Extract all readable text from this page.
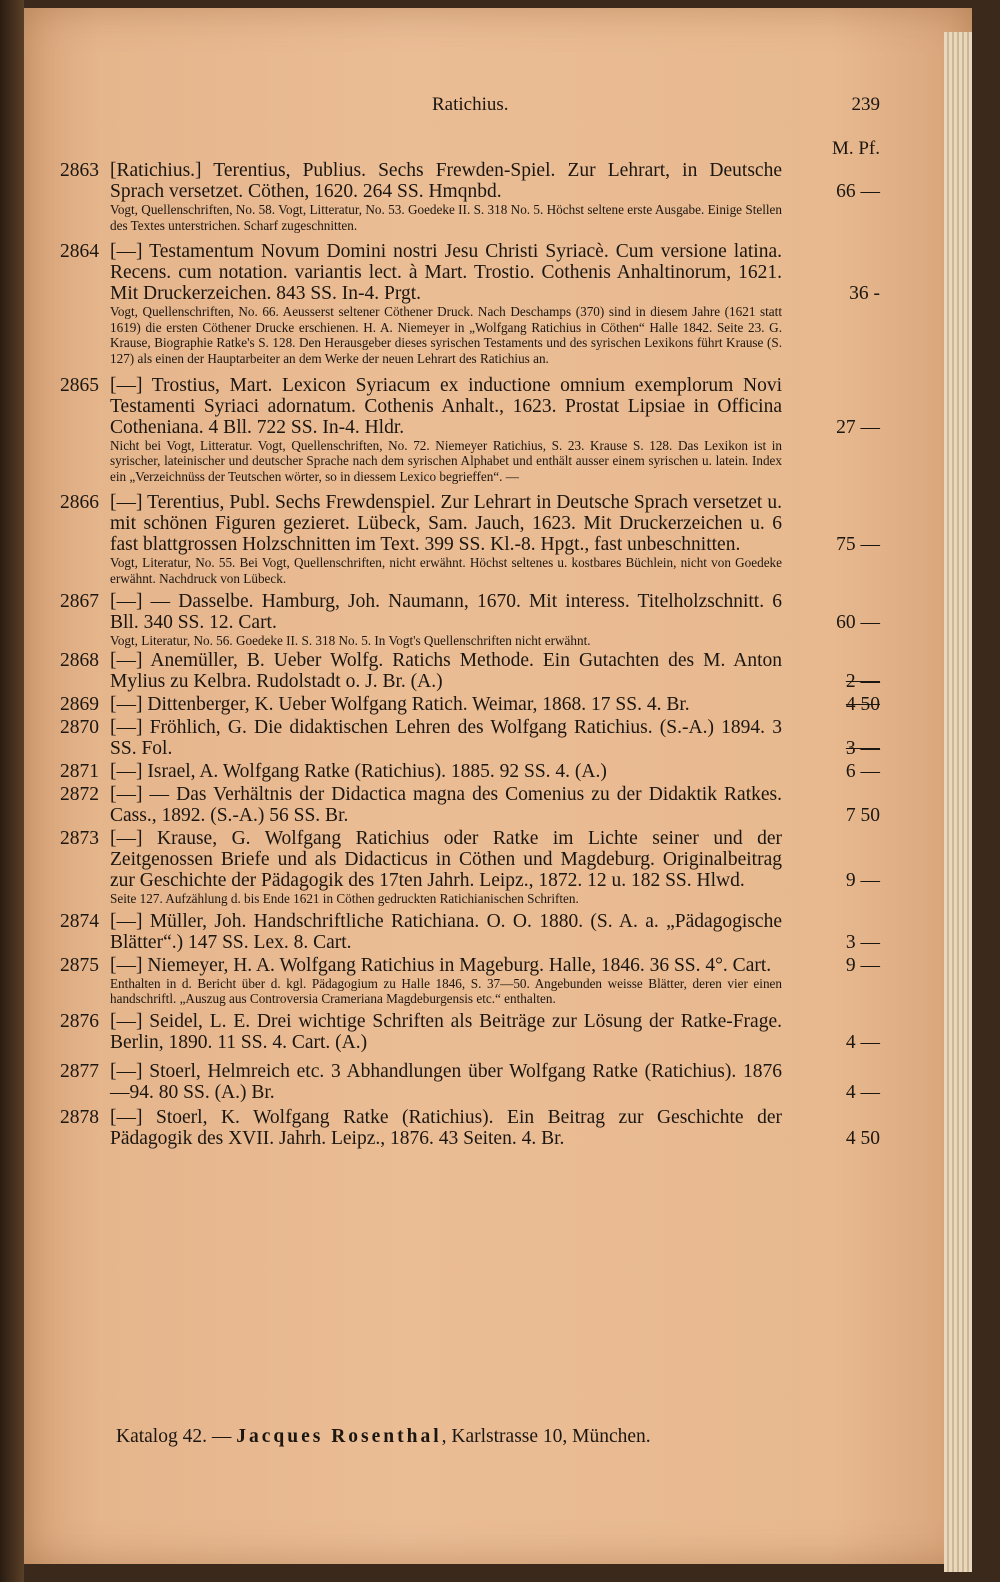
Ratichius.	239
M. Pf.
2863 [Ratichius.] Terentius, Publius. Sechs Frewden-Spiel. Zur Lehrart, in Deutsche Sprach versetzet. Cöthen, 1620. 264 SS. Hmqnbd.
Vogt, Quellenschriften, No. 58. Vogt, Litteratur, No. 53. Goedeke II. S. 318 No. 5. Höchst seltene erste Ausgabe. Einige Stellen des Textes unterstrichen. Scharf zugeschnitten.
66 —
2864 [—] Testamentum Novum Domini nostri Jesu Christi Syriacè. Cum versione latina. Recens. cum notation. variantis lect. à Mart. Trostio. Cothenis Anhaltinorum, 1621. Mit Druckerzeichen. 843 SS. In-4. Prgt.
Vogt, Quellenschriften, No. 66. Aeusserst seltener Cöthener Druck. Nach Deschamps (370) sind in diesem Jahre (1621 statt 1619) die ersten Cöthener Drucke erschienen. H. A. Niemeyer in „Wolfgang Ratichius in Cöthen“ Halle 1842. Seite 23. G. Krause, Biographie Ratke's S. 128. Den Herausgeber dieses syrischen Testaments und des syrischen Lexikons führt Krause (S. 127) als einen der Hauptarbeiter an dem Werke der neuen Lehrart des Ratichius an.
36 -
2865 [—] Trostius, Mart. Lexicon Syriacum ex inductione omnium exemplorum Novi Testamenti Syriaci adornatum. Cothenis Anhalt., 1623. Prostat Lipsiae in Officina Cotheniana. 4 Bll. 722 SS. In-4. Hldr.
Nicht bei Vogt, Litteratur. Vogt, Quellenschriften, No. 72. Niemeyer Ratichius, S. 23. Krause S. 128. Das Lexikon ist in syrischer, lateinischer und deutscher Sprache nach dem syrischen Alphabet und enthält ausser einem syrischen u. latein. Index ein „Verzeichnüss der Teutschen wörter, so in diessem Lexico begrieffen“. —
27 —
2866 [—] Terentius, Publ. Sechs Frewdenspiel. Zur Lehrart in Deutsche Sprach versetzet u. mit schönen Figuren gezieret. Lübeck, Sam. Jauch, 1623. Mit Druckerzeichen u. 6 fast blattgrossen Holzschnitten im Text. 399 SS. Kl.-8. Hpgt., fast unbeschnitten.
Vogt, Literatur, No. 55. Bei Vogt, Quellenschriften, nicht erwähnt. Höchst seltenes u. kostbares Büchlein, nicht von Goedeke erwähnt. Nachdruck von Lübeck.
75 —
2867 [—] — Dasselbe. Hamburg, Joh. Naumann, 1670. Mit interess. Titelholzschnitt. 6 Bll. 340 SS. 12. Cart.
Vogt, Literatur, No. 56. Goedeke II. S. 318 No. 5. In Vogt's Quellenschriften nicht erwähnt.
60 —
2868 [—] Anemüller, B. Ueber Wolfg. Ratichs Methode. Ein Gutachten des M. Anton Mylius zu Kelbra. Rudolstadt o. J. Br. (A.)	2 —
2869 [—] Dittenberger, K. Ueber Wolfgang Ratich. Weimar, 1868. 17 SS. 4. Br.	4 50
2870 [—] Fröhlich, G. Die didaktischen Lehren des Wolfgang Ratichius. (S.-A.) 1894. 3 SS. Fol.	3 —
2871 [—] Israel, A. Wolfgang Ratke (Ratichius). 1885. 92 SS. 4. (A.)	6 —
2872 [—] — Das Verhältnis der Didactica magna des Comenius zu der Didaktik Ratkes. Cass., 1892. (S.-A.) 56 SS. Br.	7 50
2873 [—] Krause, G. Wolfgang Ratichius oder Ratke im Lichte seiner und der Zeitgenossen Briefe und als Didacticus in Cöthen und Magdeburg. Originalbeitrag zur Geschichte der Pädagogik des 17ten Jahrh. Leipz., 1872. 12 u. 182 SS. Hlwd.
Seite 127. Aufzählung d. bis Ende 1621 in Cöthen gedruckten Ratichianischen Schriften.
9 —
2874 [—] Müller, Joh. Handschriftliche Ratichiana. O. O. 1880. (S. A. a. „Pädagogische Blätter“.) 147 SS. Lex. 8. Cart.	3 —
2875 [—] Niemeyer, H. A. Wolfgang Ratichius in Mageburg. Halle, 1846. 36 SS. 4°. Cart.
Enthalten in d. Bericht über d. kgl. Pädagogium zu Halle 1846, S. 37—50. Angebunden weisse Blätter, deren vier einen handschriftl. „Auszug aus Controversia Crameriana Magdeburgensis etc.“ enthalten.
9 —
2876 [—] Seidel, L. E. Drei wichtige Schriften als Beiträge zur Lösung der Ratke-Frage. Berlin, 1890. 11 SS. 4. Cart. (A.)	4 —
2877 [—] Stoerl, Helmreich etc. 3 Abhandlungen über Wolfgang Ratke (Ratichius). 1876—94. 80 SS. (A.) Br.	4 —
2878 [—] Stoerl, K. Wolfgang Ratke (Ratichius). Ein Beitrag zur Geschichte der Pädagogik des XVII. Jahrh. Leipz., 1876. 43 Seiten. 4. Br.	4 50
Katalog 42. — Jacques Rosenthal, Karlstrasse 10, München.
